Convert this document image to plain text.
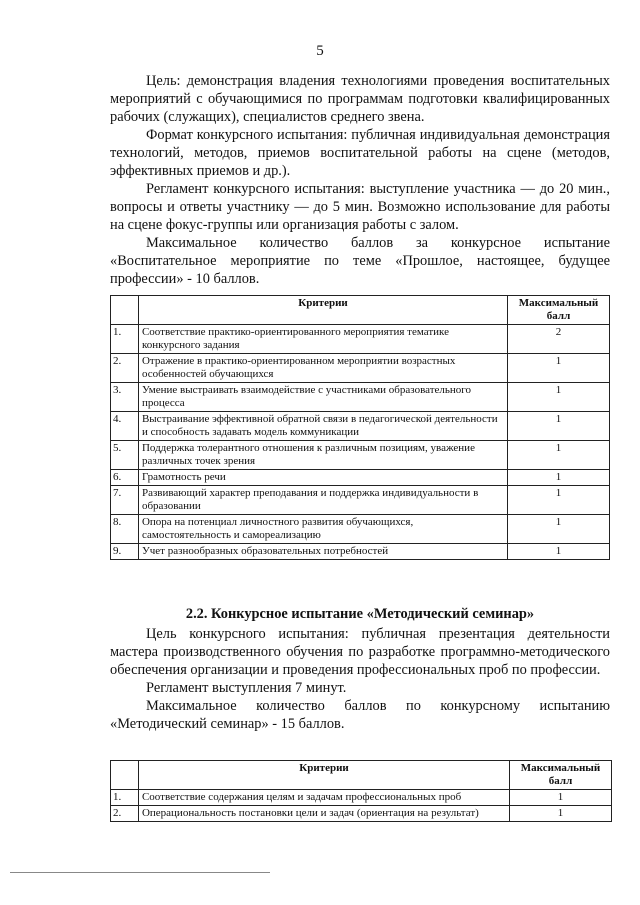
5

Цель: демонстрация владения технологиями проведения воспитательных мероприятий с обучающимися по программам подготовки квалифицированных рабочих (служащих), специалистов среднего звена.

Формат конкурсного испытания: публичная индивидуальная демонстрация технологий, методов, приемов воспитательной работы на сцене (методов, эффективных приемов и др.).

Регламент конкурсного испытания: выступление участника — до 20 мин., вопросы и ответы участнику — до 5 мин. Возможно использование для работы на сцене фокус-группы или организация работы с залом.

Максимальное количество баллов за конкурсное испытание «Воспитательное мероприятие по теме «Прошлое, настоящее, будущее профессии» - 10 баллов.

	Критерии	Максимальный балл
1.	Соответствие практико-ориентированного мероприятия тематике конкурсного задания	2
2.	Отражение в практико-ориентированном мероприятии возрастных особенностей обучающихся	1
3.	Умение выстраивать взаимодействие с участниками образовательного процесса	1
4.	Выстраивание эффективной обратной связи в педагогической деятельности и способность задавать модель коммуникации	1
5.	Поддержка толерантного отношения к различным позициям, уважение различных точек зрения	1
6.	Грамотность речи	1
7.	Развивающий характер преподавания и поддержка индивидуальности в образовании	1
8.	Опора на потенциал личностного развития обучающихся, самостоятельность и самореализацию	1
9.	Учет разнообразных образовательных потребностей	1
2.2. Конкурсное испытание «Методический семинар»

Цель конкурсного испытания: публичная презентация деятельности мастера производственного обучения по разработке программно-методического обеспечения организации и проведения профессиональных проб по профессии.

Регламент выступления 7 минут.

Максимальное количество баллов по конкурсному испытанию «Методический семинар» - 15 баллов.

	Критерии	Максимальный балл
1.	Соответствие содержания целям и задачам профессиональных проб	1
2.	Операциональность постановки цели и задач (ориентация на результат)	1
